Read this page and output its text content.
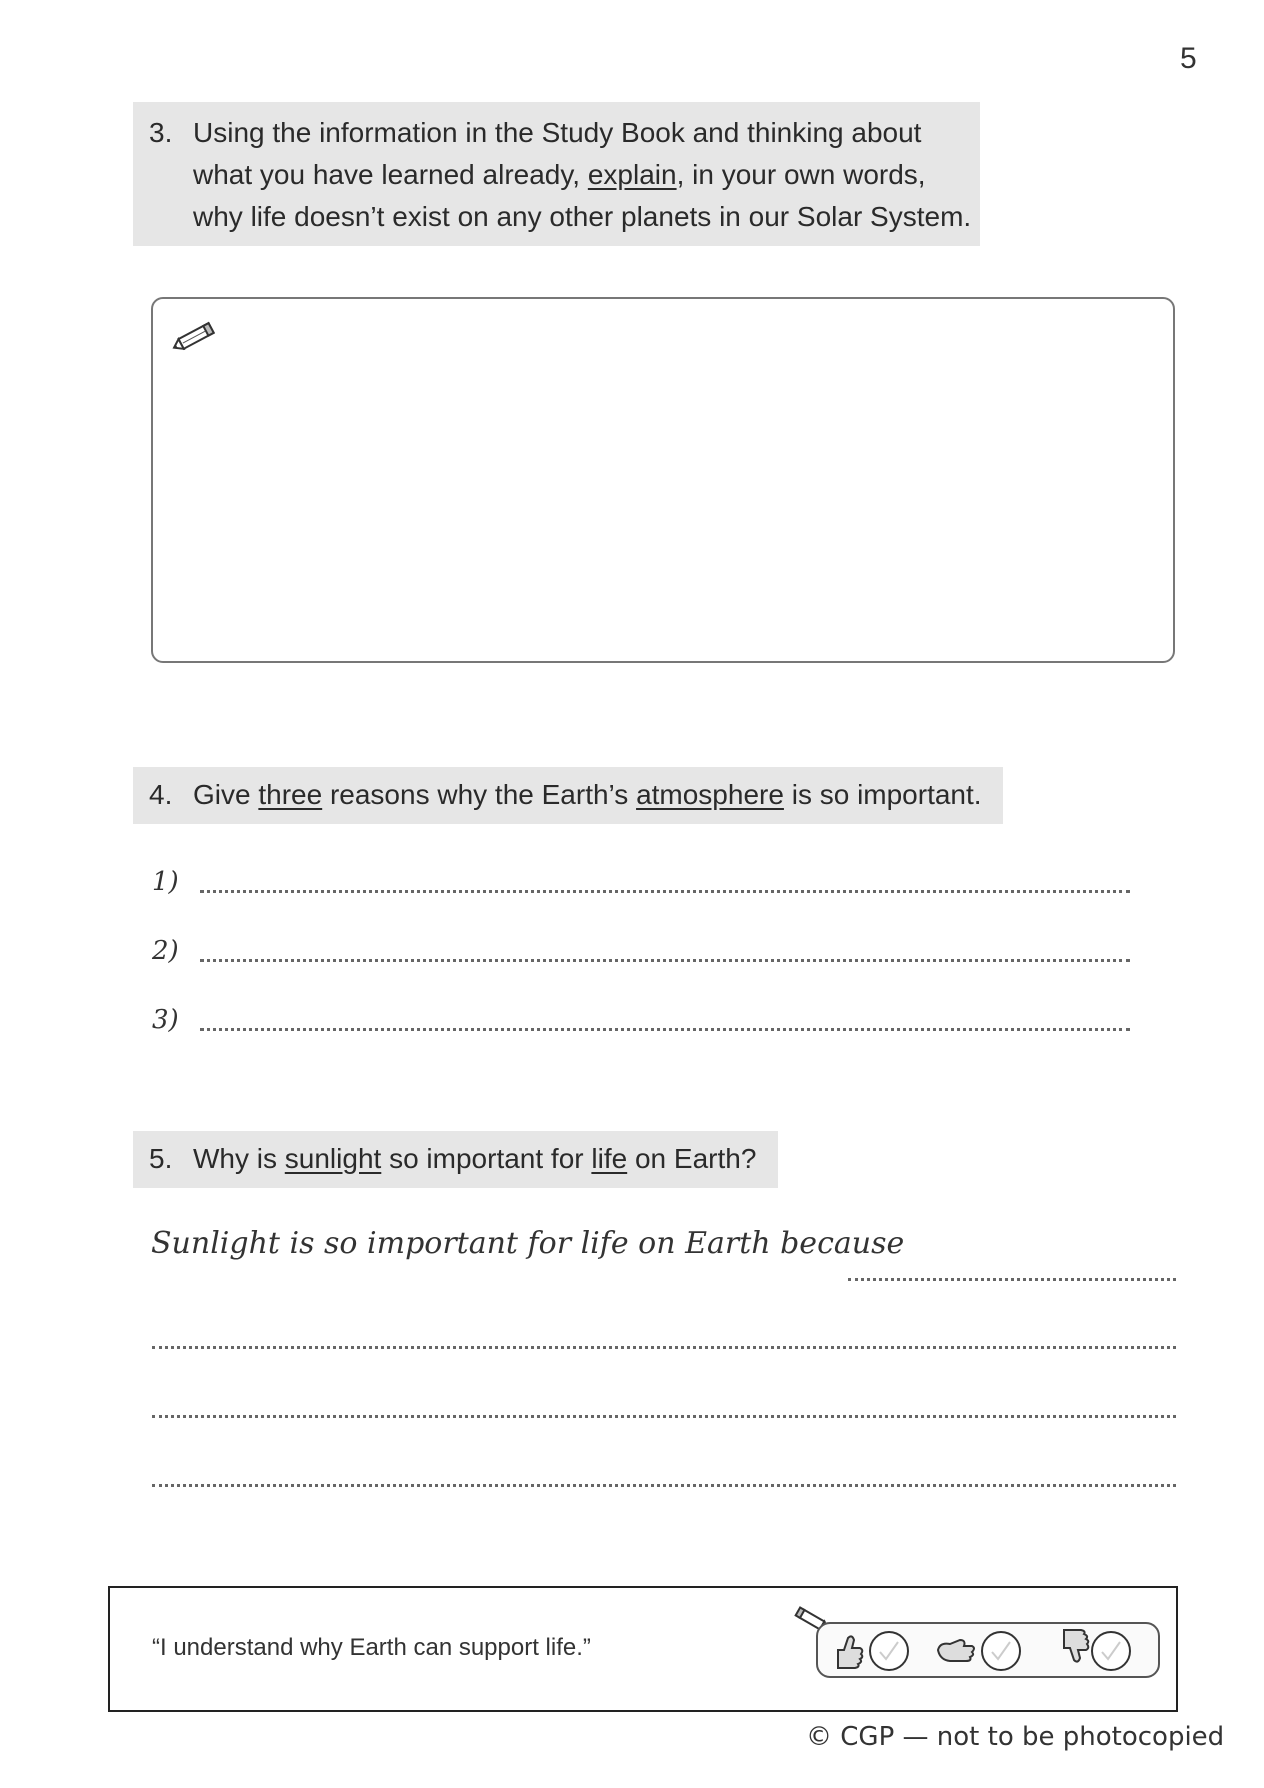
5
3. Using the information in the Study Book and thinking about
what you have learned already, explain, in your own words,
why life doesn’t exist on any other planets in our Solar System.
4. Give three reasons why the Earth’s atmosphere is so important.
1)
2)
3)
5. Why is sunlight so important for life on Earth?
Sunlight is so important for life on Earth because
“I understand why Earth can support life.”
© CGP — not to be photocopied
